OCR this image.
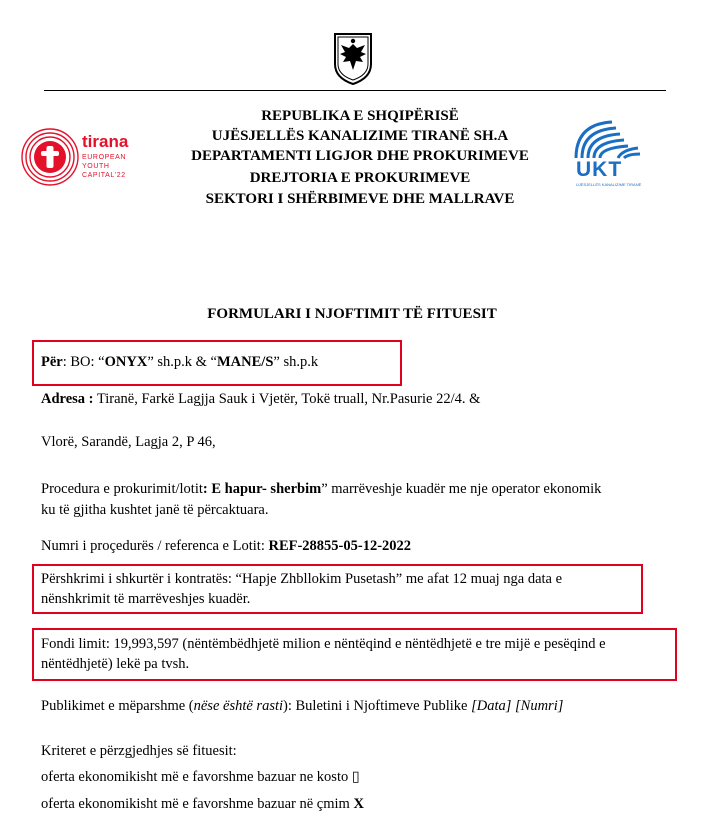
REPUBLIKA E SHQIPËRISË
UJËSJELLËS KANALIZIME TIRANË SH.A
DEPARTAMENTI LIGJOR DHE PROKURIMEVE
DREJTORIA E PROKURIMEVE
SEKTORI I SHËRBIMEVE DHE MALLRAVE
tirana
EUROPEAN
YOUTH
CAPITAL'22	UKT
UJËSJELLËS KANALIZIME TIRANË
FORMULARI I NJOFTIMIT TË FITUESIT
Për: BO: “ONYX” sh.p.k & “MANE/S” sh.p.k
Adresa : Tiranë, Farkë Lagjja Sauk i Vjetër, Tokë truall, Nr.Pasurie 22/4. &
Vlorë, Sarandë, Lagja 2, P 46,
Procedura e prokurimit/lotit: E hapur- sherbim” marrëveshje kuadër me nje operator ekonomik
ku të gjitha kushtet janë të përcaktuara.
Numri i proçedurës / referenca e Lotit: REF-28855-05-12-2022
Përshkrimi i shkurtër i kontratës: “Hapje Zhbllokim Pusetash” me afat 12 muaj nga data e
nënshkrimit të marrëveshjes kuadër.
Fondi limit: 19,993,597 (nëntëmbëdhjetë milion e nëntëqind e nëntëdhjetë e tre mijë e pesëqind e
nëntëdhjetë) lekë pa tvsh.
Publikimet e mëparshme (nëse është rasti): Buletini i Njoftimeve Publike [Data] [Numri]
Kriteret e përzgjedhjes së fituesit:
oferta ekonomikisht më e favorshme bazuar ne kosto ▯
oferta ekonomikisht më e favorshme bazuar në çmim X
